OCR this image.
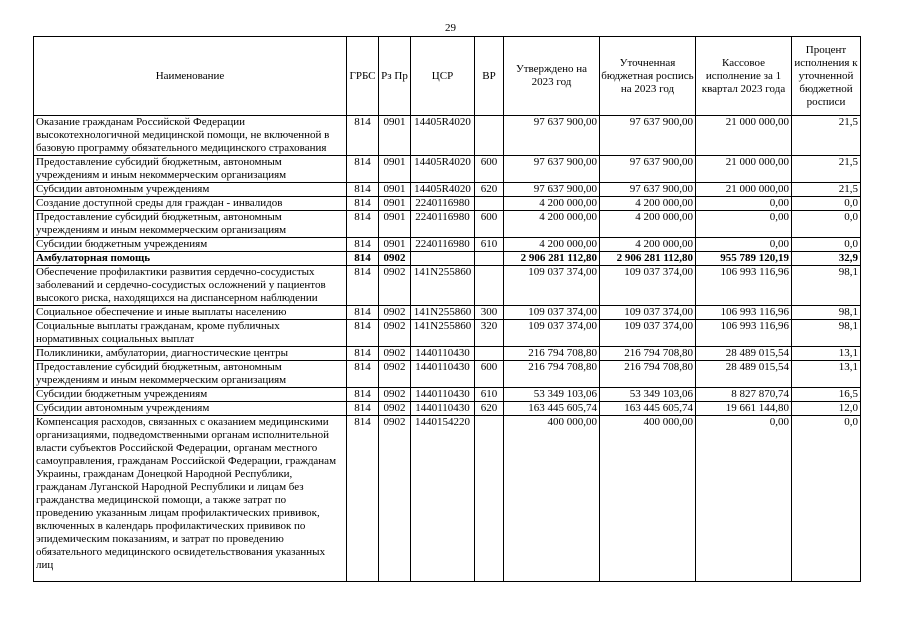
29
Наименование	ГРБС	Рз Пр	ЦСР	ВР	Утверждено на 2023 год	Уточненная бюджетная роспись на 2023 год	Кассовое исполнение за 1 квартал 2023 года	Процент исполнения к уточненной бюджетной росписи
Оказание гражданам Российской Федерации высокотехнологичной медицинской помощи, не включенной в базовую программу обязательного медицинского страхования	814	0901	14405R4020		97 637 900,00	97 637 900,00	21 000 000,00	21,5
Предоставление субсидий бюджетным, автономным учреждениям и иным некоммерческим организациям	814	0901	14405R4020	600	97 637 900,00	97 637 900,00	21 000 000,00	21,5
Субсидии автономным учреждениям	814	0901	14405R4020	620	97 637 900,00	97 637 900,00	21 000 000,00	21,5
Создание доступной среды для граждан - инвалидов	814	0901	2240116980		4 200 000,00	4 200 000,00	0,00	0,0
Предоставление субсидий бюджетным, автономным учреждениям и иным некоммерческим организациям	814	0901	2240116980	600	4 200 000,00	4 200 000,00	0,00	0,0
Субсидии бюджетным учреждениям	814	0901	2240116980	610	4 200 000,00	4 200 000,00	0,00	0,0
Амбулаторная помощь	814	0902			2 906 281 112,80	2 906 281 112,80	955 789 120,19	32,9
Обеспечение профилактики развития сердечно-сосудистых заболеваний и сердечно-сосудистых осложнений у пациентов высокого риска, находящихся на диспансерном наблюдении	814	0902	141N255860		109 037 374,00	109 037 374,00	106 993 116,96	98,1
Социальное обеспечение и иные выплаты населению	814	0902	141N255860	300	109 037 374,00	109 037 374,00	106 993 116,96	98,1
Социальные выплаты гражданам, кроме публичных нормативных социальных выплат	814	0902	141N255860	320	109 037 374,00	109 037 374,00	106 993 116,96	98,1
Поликлиники, амбулатории, диагностические центры	814	0902	1440110430		216 794 708,80	216 794 708,80	28 489 015,54	13,1
Предоставление субсидий бюджетным, автономным учреждениям и иным некоммерческим организациям	814	0902	1440110430	600	216 794 708,80	216 794 708,80	28 489 015,54	13,1
Субсидии бюджетным учреждениям	814	0902	1440110430	610	53 349 103,06	53 349 103,06	8 827 870,74	16,5
Субсидии автономным учреждениям	814	0902	1440110430	620	163 445 605,74	163 445 605,74	19 661 144,80	12,0
Компенсация расходов, связанных с оказанием медицинскими организациями, подведомственными органам исполнительной власти субъектов Российской Федерации, органам местного самоуправления, гражданам Российской Федерации, гражданам Украины, гражданам Донецкой Народной Республики, гражданам Луганской Народной Республики и лицам без гражданства медицинской помощи, а также затрат по проведению указанным лицам профилактических прививок, включенных в календарь профилактических прививок по эпидемическим показаниям, и затрат по проведению обязательного медицинского освидетельствования указанных лиц	814	0902	1440154220		400 000,00	400 000,00	0,00	0,0
